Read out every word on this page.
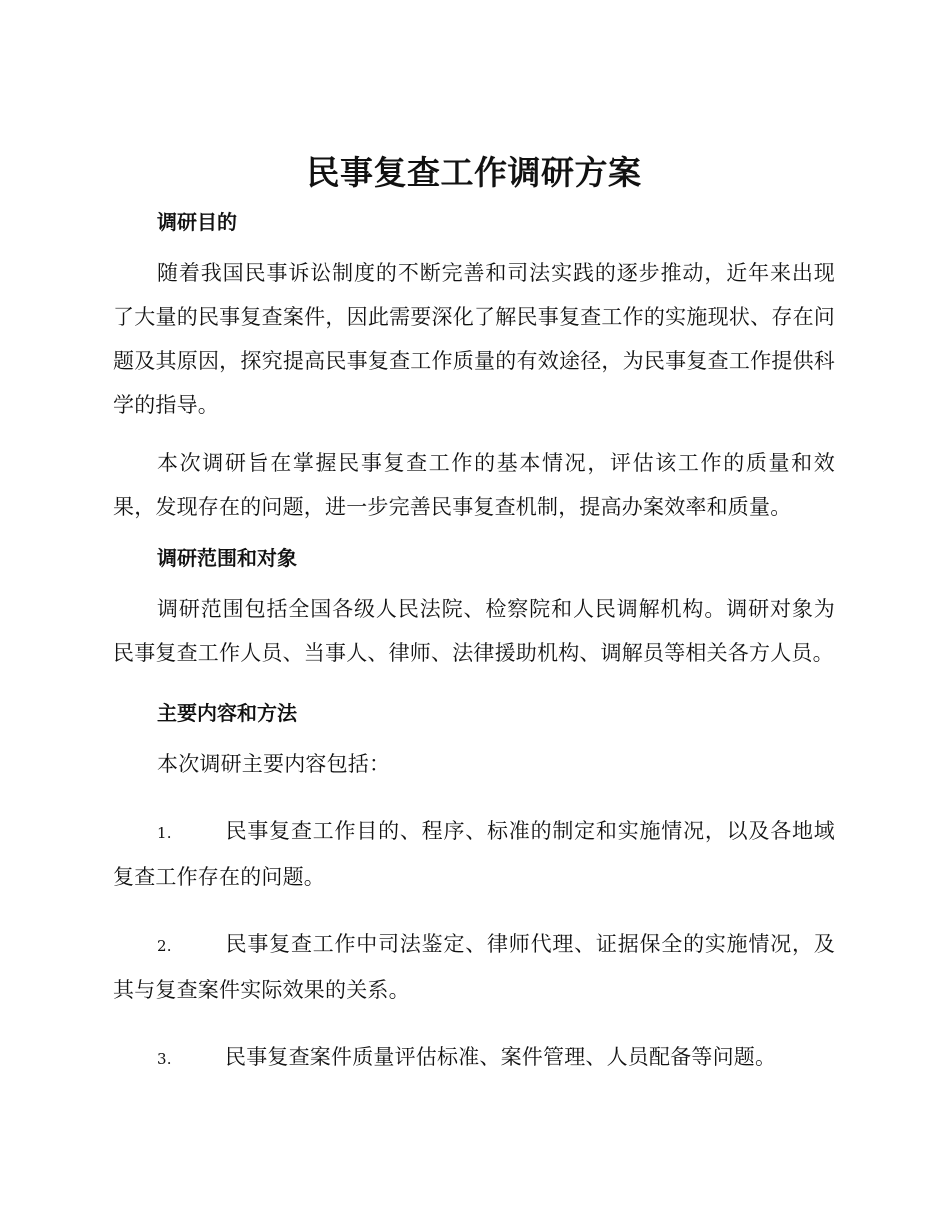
民事复查工作调研方案
调研目的

随着我国民事诉讼制度的不断完善和司法实践的逐步推动，近年来出现了大量的民事复查案件，因此需要深化了解民事复查工作的实施现状、存在问题及其原因，探究提高民事复查工作质量的有效途径，为民事复查工作提供科学的指导。

本次调研旨在掌握民事复查工作的基本情况，评估该工作的质量和效果，发现存在的问题，进一步完善民事复查机制，提高办案效率和质量。

调研范围和对象

调研范围包括全国各级人民法院、检察院和人民调解机构。调研对象为民事复查工作人员、当事人、律师、法律援助机构、调解员等相关各方人员。

主要内容和方法

本次调研主要内容包括：

1.	民事复查工作目的、程序、标准的制定和实施情况，以及各地域复查工作存在的问题。

2.	民事复查工作中司法鉴定、律师代理、证据保全的实施情况，及其与复查案件实际效果的关系。

3.	民事复查案件质量评估标准、案件管理、人员配备等问题。
